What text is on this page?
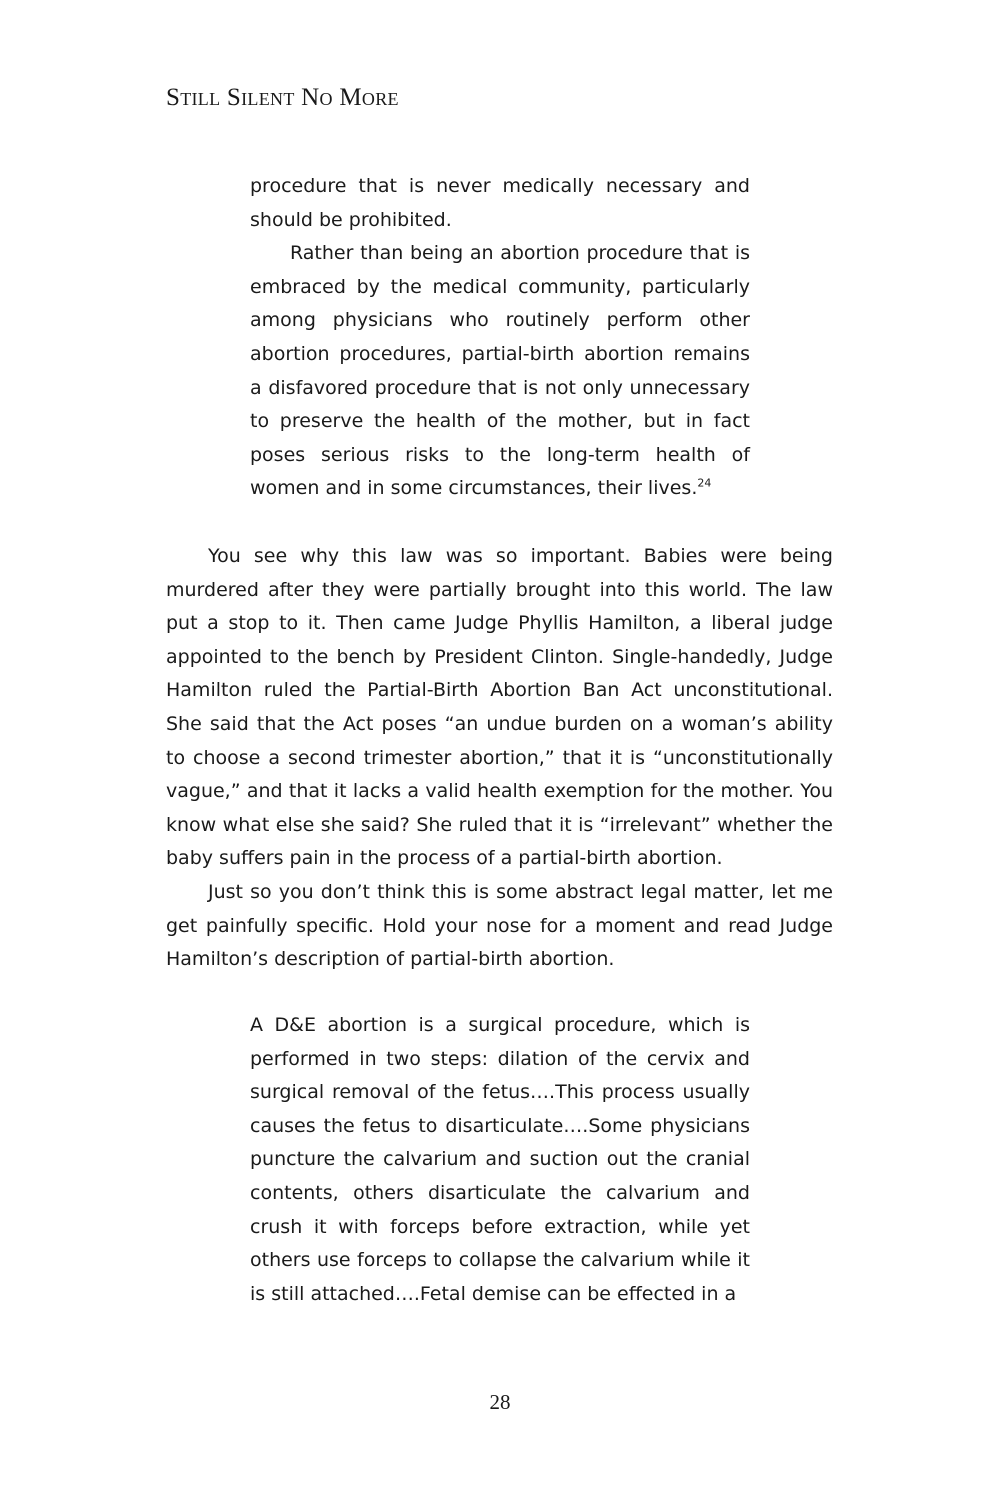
Still Silent No More

procedure that is never medically necessary and should be prohibited.

Rather than being an abortion procedure that is embraced by the medical community, particularly among physicians who routinely perform other abortion procedures, partial-birth abortion remains a disfavored procedure that is not only unnecessary to preserve the health of the mother, but in fact poses serious risks to the long-term health of women and in some circumstances, their lives.$^{24}$

You see why this law was so important. Babies were being murdered after they were partially brought into this world. The law put a stop to it. Then came Judge Phyllis Hamilton, a liberal judge appointed to the bench by President Clinton. Single-handedly, Judge Hamilton ruled the Partial-Birth Abortion Ban Act unconstitutional. She said that the Act poses “an undue burden on a woman’s ability to choose a second trimester abortion,” that it is “unconstitutionally vague,” and that it lacks a valid health exemption for the mother. You know what else she said? She ruled that it is “irrelevant” whether the baby suffers pain in the process of a partial-birth abortion.

Just so you don’t think this is some abstract legal matter, let me get painfully specific. Hold your nose for a moment and read Judge Hamilton’s description of partial-birth abortion.

A D&E abortion is a surgical procedure, which is performed in two steps: dilation of the cervix and surgical removal of the fetus….This process usually causes the fetus to disarticulate….Some physicians puncture the calvarium and suction out the cranial contents, others disarticulate the calvarium and crush it with forceps before extraction, while yet others use forceps to collapse the calvarium while it is still attached….Fetal demise can be effected in a

28
